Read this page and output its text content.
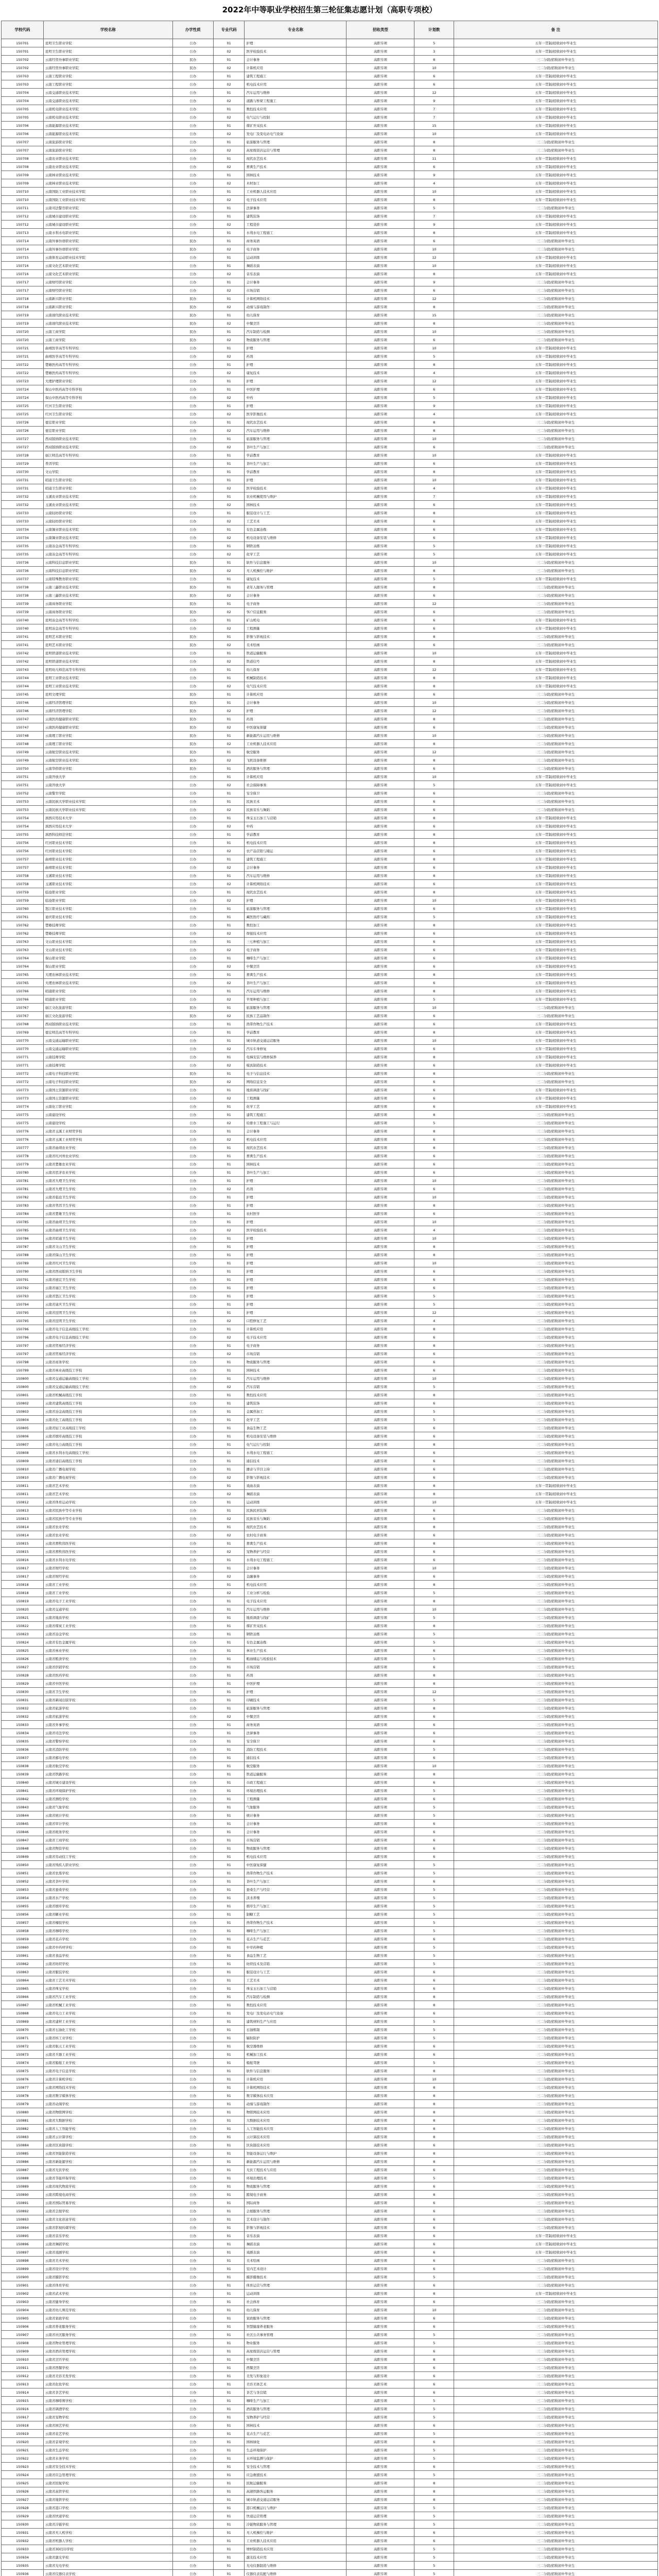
2022年中等职业学校招生第三轮征集志愿计划（高职专项校）
学校代码	学校名称	办学性质	专业代码	专业名称	招收类型	计划数	备 注
150701	昆明卫生职业学院	公办	01	护理	高职专项	5	五年一贯制/招收初中毕业生
150701	昆明卫生职业学院	公办	02	医学检验技术	高职专项	3	五年一贯制/招收初中毕业生
150702	云南经贸外事职业学院	民办	01	会计事务	高职专项	8	三二分段/招收初中毕业生
150702	云南经贸外事职业学院	民办	02	计算机应用	高职专项	10	三二分段/招收初中毕业生
150703	云南工程职业学院	公办	01	建筑工程施工	高职专项	6	五年一贯制/招收初中毕业生
150703	云南工程职业学院	公办	02	机电技术应用	高职专项	6	五年一贯制/招收初中毕业生
150704	云南交通职业技术学院	公办	01	汽车运用与维修	高职专项	12	五年一贯制/招收初中毕业生
150704	云南交通职业技术学院	公办	02	道路与桥梁工程施工	高职专项	9	五年一贯制/招收初中毕业生
150705	云南机电职业技术学院	公办	01	数控技术应用	高职专项	7	五年一贯制/招收初中毕业生
150705	云南机电职业技术学院	公办	02	电气运行与控制	高职专项	7	五年一贯制/招收初中毕业生
150706	云南能源职业技术学院	公办	01	煤矿开采技术	高职专项	15	五年一贯制/招收初中毕业生
150706	云南能源职业技术学院	公办	02	发电厂及变电站电气设备	高职专项	10	五年一贯制/招收初中毕业生
150707	云南旅游职业学院	公办	01	旅游服务与管理	高职专项	8	三二分段/招收初中毕业生
150707	云南旅游职业学院	公办	02	高星级饭店运营与管理	高职专项	8	三二分段/招收初中毕业生
150708	云南农业职业技术学院	公办	01	现代农艺技术	高职专项	11	五年一贯制/招收初中毕业生
150708	云南农业职业技术学院	公办	02	畜禽生产技术	高职专项	6	五年一贯制/招收初中毕业生
150709	云南林业职业技术学院	公办	01	园林技术	高职专项	9	五年一贯制/招收初中毕业生
150709	云南林业职业技术学院	公办	02	木材加工	高职专项	4	五年一贯制/招收初中毕业生
150710	云南国防工业职业技术学院	公办	01	工业机器人技术应用	高职专项	10	五年一贯制/招收初中毕业生
150710	云南国防工业职业技术学院	公办	02	电子技术应用	高职专项	8	五年一贯制/招收初中毕业生
150711	云南司法警官职业学院	公办	01	法律事务	高职专项	5	三二分段/招收初中毕业生
150712	云南城市建设职业学院	公办	01	建筑装饰	高职专项	7	五年一贯制/招收初中毕业生
150712	云南城市建设职业学院	公办	02	工程造价	高职专项	9	五年一贯制/招收初中毕业生
150713	云南水利水电职业学院	公办	01	水利水电工程施工	高职专项	8	五年一贯制/招收初中毕业生
150714	云南外事外语职业学院	民办	01	商务英语	高职专项	6	三二分段/招收初中毕业生
150714	云南外事外语职业学院	民办	02	电子商务	高职专项	10	三二分段/招收初中毕业生
150715	云南体育运动职业技术学院	公办	01	运动训练	高职专项	12	五年一贯制/招收初中毕业生
150716	云南文化艺术职业学院	公办	01	舞蹈表演	高职专项	10	五年一贯制/招收初中毕业生
150716	云南文化艺术职业学院	公办	02	音乐表演	高职专项	8	五年一贯制/招收初中毕业生
150717	云南财经职业学院	公办	01	会计事务	高职专项	9	三二分段/招收初中毕业生
150717	云南财经职业学院	公办	02	市场营销	高职专项	6	三二分段/招收初中毕业生
150718	云南新兴职业学院	民办	01	计算机网络技术	高职专项	12	三二分段/招收初中毕业生
150718	云南新兴职业学院	民办	02	动漫与游戏制作	高职专项	8	三二分段/招收初中毕业生
150719	云南现代职业技术学院	民办	01	幼儿保育	高职专项	15	三二分段/招收初中毕业生
150719	云南现代职业技术学院	民办	02	中餐烹饪	高职专项	8	三二分段/招收初中毕业生
150720	云南工商学院	民办	01	汽车制造与检测	高职专项	10	三二分段/招收初中毕业生
150720	云南工商学院	民办	02	物流服务与管理	高职专项	6	三二分段/招收初中毕业生
150721	曲靖医学高等专科学校	公办	01	护理	高职专项	10	五年一贯制/招收初中毕业生
150721	曲靖医学高等专科学校	公办	02	药剂	高职专项	5	五年一贯制/招收初中毕业生
150722	楚雄医药高等专科学校	公办	01	护理	高职专项	8	五年一贯制/招收初中毕业生
150722	楚雄医药高等专科学校	公办	02	康复技术	高职专项	4	五年一贯制/招收初中毕业生
150723	大理护理职业学院	公办	01	护理	高职专项	12	五年一贯制/招收初中毕业生
150724	保山中医药高等专科学校	公办	01	中医护理	高职专项	6	五年一贯制/招收初中毕业生
150724	保山中医药高等专科学校	公办	02	中药	高职专项	5	五年一贯制/招收初中毕业生
150725	红河卫生职业学院	公办	01	护理	高职专项	9	五年一贯制/招收初中毕业生
150725	红河卫生职业学院	公办	02	医学影像技术	高职专项	4	五年一贯制/招收初中毕业生
150726	德宏职业学院	公办	01	现代农艺技术	高职专项	8	三二分段/招收初中毕业生
150726	德宏职业学院	公办	02	汽车运用与维修	高职专项	8	三二分段/招收初中毕业生
150727	西双版纳职业技术学院	公办	01	旅游服务与管理	高职专项	10	三二分段/招收初中毕业生
150727	西双版纳职业技术学院	公办	02	茶叶生产与加工	高职专项	6	三二分段/招收初中毕业生
150728	丽江师范高等专科学校	公办	01	学前教育	高职专项	10	五年一贯制/招收初中毕业生
150729	普洱学院	公办	01	茶叶生产与加工	高职专项	6	五年一贯制/招收初中毕业生
150730	文山学院	公办	01	学前教育	高职专项	8	五年一贯制/招收初中毕业生
150731	昭通卫生职业学院	公办	01	护理	高职专项	10	五年一贯制/招收初中毕业生
150731	昭通卫生职业学院	公办	02	医学检验技术	高职专项	4	五年一贯制/招收初中毕业生
150732	玉溪农业职业技术学院	公办	01	农业机械使用与维护	高职专项	7	五年一贯制/招收初中毕业生
150732	玉溪农业职业技术学院	公办	02	园林技术	高职专项	6	五年一贯制/招收初中毕业生
150733	云南轻纺职业学院	公办	01	服装设计与工艺	高职专项	8	五年一贯制/招收初中毕业生
150733	云南轻纺职业学院	公办	02	工艺美术	高职专项	6	五年一贯制/招收初中毕业生
150734	云南锡业职业技术学院	公办	01	有色金属冶炼	高职专项	6	五年一贯制/招收初中毕业生
150734	云南锡业职业技术学院	公办	02	机电设备安装与维修	高职专项	6	五年一贯制/招收初中毕业生
150735	云南冶金高等专科学校	公办	01	钢铁冶炼	高职专项	5	五年一贯制/招收初中毕业生
150735	云南冶金高等专科学校	公办	02	化学工艺	高职专项	5	五年一贯制/招收初中毕业生
150736	云南科技信息职业学院	民办	01	软件与信息服务	高职专项	10	三二分段/招收初中毕业生
150736	云南科技信息职业学院	民办	02	无人机操控与维护	高职专项	8	三二分段/招收初中毕业生
150737	云南特殊教育职业学院	公办	01	康复技术	高职专项	5	五年一贯制/招收初中毕业生
150738	云南三鑫职业技术学院	民办	01	老年人服务与管理	高职专项	8	三二分段/招收初中毕业生
150738	云南三鑫职业技术学院	民办	02	会计事务	高职专项	6	三二分段/招收初中毕业生
150739	云南商务职业学院	民办	01	电子商务	高职专项	12	三二分段/招收初中毕业生
150739	云南商务职业学院	民办	02	客户信息服务	高职专项	6	三二分段/招收初中毕业生
150740	昆明冶金高等专科学校	公办	01	矿山机电	高职专项	6	五年一贯制/招收初中毕业生
150740	昆明冶金高等专科学校	公办	02	工程测量	高职专项	6	五年一贯制/招收初中毕业生
150741	昆明艺术职业学院	民办	01	影像与影视技术	高职专项	8	三二分段/招收初中毕业生
150741	昆明艺术职业学院	民办	02	美术绘画	高职专项	6	三二分段/招收初中毕业生
150742	昆明铁道职业技术学院	公办	01	铁道运输服务	高职专项	10	五年一贯制/招收初中毕业生
150742	昆明铁道职业技术学院	公办	02	铁道信号	高职专项	8	五年一贯制/招收初中毕业生
150743	昆明幼儿师范高等专科学校	公办	01	幼儿保育	高职专项	12	五年一贯制/招收初中毕业生
150744	昆明工业职业技术学院	公办	01	机械制造技术	高职专项	8	五年一贯制/招收初中毕业生
150744	昆明工业职业技术学院	公办	02	电气技术应用	高职专项	8	五年一贯制/招收初中毕业生
150745	昆明文理学院	民办	01	计算机应用	高职专项	6	三二分段/招收初中毕业生
150746	云南经济管理学院	民办	01	会计事务	高职专项	10	三二分段/招收初中毕业生
150746	云南经济管理学院	民办	02	护理	高职专项	12	三二分段/招收初中毕业生
150747	云南医药健康职业学院	民办	01	药剂	高职专项	8	三二分段/招收初中毕业生
150747	云南医药健康职业学院	民办	02	中医康复保健	高职专项	6	三二分段/招收初中毕业生
150748	云南理工职业学院	民办	01	新能源汽车运用与维修	高职专项	10	三二分段/招收初中毕业生
150748	云南理工职业学院	民办	02	工业机器人技术应用	高职专项	8	三二分段/招收初中毕业生
150749	云南航空职业技术学院	民办	01	航空服务	高职专项	12	三二分段/招收初中毕业生
150749	云南航空职业技术学院	民办	02	飞机设备维修	高职专项	8	三二分段/招收初中毕业生
150750	云南华侨职业学院	民办	01	酒店服务与管理	高职专项	6	三二分段/招收初中毕业生
150751	云南开放大学	公办	01	计算机应用	高职专项	10	五年一贯制/招收初中毕业生
150751	云南开放大学	公办	02	社会保障事务	高职专项	5	五年一贯制/招收初中毕业生
150752	云南警官学院	公办	01	安全保卫	高职专项	6	三二分段/招收初中毕业生
150753	云南民族大学职业技术学院	公办	01	民族美术	高职专项	6	三二分段/招收初中毕业生
150753	云南民族大学职业技术学院	公办	02	民族音乐与舞蹈	高职专项	6	三二分段/招收初中毕业生
150754	滇西应用技术大学	公办	01	珠宝玉石加工与营销	高职专项	8	五年一贯制/招收初中毕业生
150754	滇西应用技术大学	公办	02	中药	高职专项	6	五年一贯制/招收初中毕业生
150755	滇西科技师范学院	公办	01	学前教育	高职专项	8	五年一贯制/招收初中毕业生
150756	红河职业技术学院	公办	01	机电技术应用	高职专项	8	五年一贯制/招收初中毕业生
150756	红河职业技术学院	公办	02	农产品营销与储运	高职专项	6	五年一贯制/招收初中毕业生
150757	曲靖职业技术学院	公办	01	建筑工程施工	高职专项	8	五年一贯制/招收初中毕业生
150757	曲靖职业技术学院	公办	02	会计事务	高职专项	6	五年一贯制/招收初中毕业生
150758	玉溪职业技术学院	公办	01	汽车运用与维修	高职专项	8	五年一贯制/招收初中毕业生
150758	玉溪职业技术学院	公办	02	计算机网络技术	高职专项	6	五年一贯制/招收初中毕业生
150759	临沧职业学院	公办	01	现代农艺技术	高职专项	8	五年一贯制/招收初中毕业生
150759	临沧职业学院	公办	02	护理	高职专项	10	五年一贯制/招收初中毕业生
150760	怒江职业技术学院	公办	01	旅游服务与管理	高职专项	6	五年一贯制/招收初中毕业生
150761	迪庆职业技术学院	公办	01	藏医医疗与藏药	高职专项	5	五年一贯制/招收初中毕业生
150762	楚雄技师学院	公办	01	数控加工	高职专项	8	五年一贯制/招收初中毕业生
150762	楚雄技师学院	公办	02	焊接技术应用	高职专项	6	五年一贯制/招收初中毕业生
150763	文山职业技术学院	公办	01	三七种植与加工	高职专项	6	五年一贯制/招收初中毕业生
150763	文山职业技术学院	公办	02	电子商务	高职专项	6	五年一贯制/招收初中毕业生
150764	保山职业学院	公办	01	咖啡生产与加工	高职专项	6	五年一贯制/招收初中毕业生
150764	保山职业学院	公办	02	中餐烹饪	高职专项	6	五年一贯制/招收初中毕业生
150765	大理农林职业技术学院	公办	01	畜禽生产技术	高职专项	8	五年一贯制/招收初中毕业生
150765	大理农林职业技术学院	公办	02	茶叶生产与加工	高职专项	6	五年一贯制/招收初中毕业生
150766	昭通职业学院	公办	01	汽车运用与维修	高职专项	8	五年一贯制/招收初中毕业生
150766	昭通职业学院	公办	02	苹果种植与加工	高职专项	5	五年一贯制/招收初中毕业生
150767	丽江文化旅游学院	民办	01	旅游服务与管理	高职专项	10	三二分段/招收初中毕业生
150767	丽江文化旅游学院	民办	02	民族工艺品制作	高职专项	6	三二分段/招收初中毕业生
150768	西双版纳职业技术学院	公办	01	热带作物生产技术	高职专项	6	五年一贯制/招收初中毕业生
150769	德宏师范高等专科学校	公办	01	学前教育	高职专项	8	五年一贯制/招收初中毕业生
150770	云南交通运输职业学院	公办	01	城市轨道交通运营服务	高职专项	10	五年一贯制/招收初中毕业生
150770	云南交通运输职业学院	公办	02	汽车车身修复	高职专项	6	五年一贯制/招收初中毕业生
150771	云南技师学院	公办	01	电梯安装与维修保养	高职专项	8	五年一贯制/招收初中毕业生
150771	云南技师学院	公办	02	模具制造技术	高职专项	6	五年一贯制/招收初中毕业生
150772	云南电子科技职业学院	民办	01	电子与信息技术	高职专项	8	三二分段/招收初中毕业生
150772	云南电子科技职业学院	民办	02	网络信息安全	高职专项	6	三二分段/招收初中毕业生
150773	云南国土资源职业学院	公办	01	地质调查与找矿	高职专项	6	五年一贯制/招收初中毕业生
150773	云南国土资源职业学院	公办	02	工程测量	高职专项	6	五年一贯制/招收初中毕业生
150774	云南化工职业学院	公办	01	化学工艺	高职专项	6	五年一贯制/招收初中毕业生
150775	云南建设学校	公办	01	建筑工程施工	高职专项	8	三二分段/招收初中毕业生
150775	云南建设学校	公办	02	给排水工程施工与运行	高职专项	5	三二分段/招收初中毕业生
150776	云南省玉溪工业财贸学校	公办	01	会计事务	高职专项	8	三二分段/招收初中毕业生
150776	云南省玉溪工业财贸学校	公办	02	机电技术应用	高职专项	6	三二分段/招收初中毕业生
150777	云南省曲靖农业学校	公办	01	现代农艺技术	高职专项	8	三二分段/招收初中毕业生
150778	云南省红河州农业学校	公办	01	畜禽生产技术	高职专项	6	三二分段/招收初中毕业生
150779	云南省楚雄农业学校	公办	01	园林技术	高职专项	6	三二分段/招收初中毕业生
150780	云南省思茅农业学校	公办	01	茶叶生产与加工	高职专项	6	三二分段/招收初中毕业生
150781	云南省大理卫生学校	公办	01	护理	高职专项	10	三二分段/招收初中毕业生
150781	云南省大理卫生学校	公办	02	药剂	高职专项	6	三二分段/招收初中毕业生
150782	云南省临沧卫生学校	公办	01	护理	高职专项	10	三二分段/招收初中毕业生
150783	云南省普洱卫生学校	公办	01	护理	高职专项	8	三二分段/招收初中毕业生
150784	云南省楚雄卫生学校	公办	01	农村医学	高职专项	6	三二分段/招收初中毕业生
150785	云南省曲靖卫生学校	公办	01	护理	高职专项	10	三二分段/招收初中毕业生
150785	云南省曲靖卫生学校	公办	02	医学检验技术	高职专项	4	三二分段/招收初中毕业生
150786	云南省昭通卫生学校	公办	01	护理	高职专项	10	三二分段/招收初中毕业生
150787	云南省文山卫生学校	公办	01	护理	高职专项	8	三二分段/招收初中毕业生
150788	云南省保山卫生学校	公办	01	护理	高职专项	8	三二分段/招收初中毕业生
150789	云南省红河卫生学校	公办	01	护理	高职专项	10	三二分段/招收初中毕业生
150790	云南省西双版纳卫生学校	公办	01	护理	高职专项	6	三二分段/招收初中毕业生
150791	云南省德宏卫生学校	公办	01	护理	高职专项	6	三二分段/招收初中毕业生
150792	云南省丽江卫生学校	公办	01	护理	高职专项	6	三二分段/招收初中毕业生
150793	云南省怒江卫生学校	公办	01	护理	高职专项	5	三二分段/招收初中毕业生
150794	云南省迪庆卫生学校	公办	01	护理	高职专项	5	三二分段/招收初中毕业生
150795	云南省昆明卫生学校	公办	01	护理	高职专项	12	三二分段/招收初中毕业生
150795	云南省昆明卫生学校	公办	02	口腔修复工艺	高职专项	4	三二分段/招收初中毕业生
150796	云南省电子信息高级技工学校	公办	01	计算机应用	高职专项	8	三二分段/招收初中毕业生
150796	云南省电子信息高级技工学校	公办	02	电子技术应用	高职专项	6	三二分段/招收初中毕业生
150797	云南省贸易经济学校	公办	01	电子商务	高职专项	8	三二分段/招收初中毕业生
150797	云南省贸易经济学校	公办	02	市场营销	高职专项	6	三二分段/招收初中毕业生
150798	云南省商务学校	公办	01	物流服务与管理	高职专项	6	三二分段/招收初中毕业生
150799	云南省林业高级技工学校	公办	01	园林技术	高职专项	6	三二分段/招收初中毕业生
150800	云南省交通运输高级技工学校	公办	01	汽车运用与维修	高职专项	10	三二分段/招收初中毕业生
150800	云南省交通运输高级技工学校	公办	02	汽车营销	高职专项	5	三二分段/招收初中毕业生
150801	云南省机械高级技工学校	公办	01	数控技术应用	高职专项	8	三二分段/招收初中毕业生
150802	云南省建筑高级技工学校	公办	01	建筑装饰	高职专项	6	三二分段/招收初中毕业生
150803	云南省冶金高级技工学校	公办	01	金属热加工	高职专项	5	三二分段/招收初中毕业生
150804	云南省化工高级技工学校	公办	01	化学工艺	高职专项	5	三二分段/招收初中毕业生
150805	云南省轻工业高级技工学校	公办	01	食品生物工艺	高职专项	6	三二分段/招收初中毕业生
150806	云南省烟草高级技工学校	公办	01	机电设备安装与维修	高职专项	6	三二分段/招收初中毕业生
150807	云南省电力高级技工学校	公办	01	电气运行与控制	高职专项	8	三二分段/招收初中毕业生
150808	云南省水利水电高级技工学校	公办	01	水利水电工程施工	高职专项	6	三二分段/招收初中毕业生
150809	云南省通信高级技工学校	公办	01	通信技术	高职专项	6	三二分段/招收初中毕业生
150810	云南省广播电视学校	公办	01	播音与节目主持	高职专项	6	三二分段/招收初中毕业生
150810	云南省广播电视学校	公办	02	影像与影视技术	高职专项	6	三二分段/招收初中毕业生
150811	云南省艺术学校	公办	01	戏曲表演	高职专项	8	五年一贯制/招收初中毕业生
150811	云南省艺术学校	公办	02	舞蹈表演	高职专项	8	五年一贯制/招收初中毕业生
150812	云南省体育运动学校	公办	01	运动训练	高职专项	10	五年一贯制/招收初中毕业生
150813	云南省民族中等专业学校	公办	01	民族民居装饰	高职专项	6	三二分段/招收初中毕业生
150813	云南省民族中等专业学校	公办	02	民族音乐与舞蹈	高职专项	6	三二分段/招收初中毕业生
150814	云南省农业学校	公办	01	现代农艺技术	高职专项	8	三二分段/招收初中毕业生
150814	云南省农业学校	公办	02	农村电子商务	高职专项	6	三二分段/招收初中毕业生
150815	云南省畜牧兽医学校	公办	01	畜禽生产技术	高职专项	8	三二分段/招收初中毕业生
150815	云南省畜牧兽医学校	公办	02	宠物养护与经营	高职专项	6	三二分段/招收初中毕业生
150816	云南省水利水电学校	公办	01	水利水电工程施工	高职专项	6	三二分段/招收初中毕业生
150817	云南省财经学校	公办	01	会计事务	高职专项	10	三二分段/招收初中毕业生
150817	云南省财经学校	公办	02	金融事务	高职专项	6	三二分段/招收初中毕业生
150818	云南省工业学校	公办	01	机电技术应用	高职专项	8	三二分段/招收初中毕业生
150818	云南省工业学校	公办	02	工业分析与检验	高职专项	5	三二分段/招收初中毕业生
150819	云南省电子工业学校	公办	01	电子技术应用	高职专项	8	三二分段/招收初中毕业生
150820	云南省交通学校	公办	01	汽车运用与维修	高职专项	10	三二分段/招收初中毕业生
150821	云南省地质学校	公办	01	地质调查与找矿	高职专项	5	三二分段/招收初中毕业生
150822	云南省煤炭工业学校	公办	01	煤矿开采技术	高职专项	8	三二分段/招收初中毕业生
150823	云南省冶金学校	公办	01	钢铁冶炼	高职专项	5	三二分段/招收初中毕业生
150824	云南省有色金属学校	公办	01	有色金属冶炼	高职专项	5	三二分段/招收初中毕业生
150825	云南省林业学校	公办	01	林业生产技术	高职专项	6	三二分段/招收初中毕业生
150826	云南省粮食学校	公办	01	粮油储运与检验技术	高职专项	5	三二分段/招收初中毕业生
150827	云南省供销学校	公办	01	市场营销	高职专项	6	三二分段/招收初中毕业生
150828	云南省医药学校	公办	01	药剂	高职专项	8	三二分段/招收初中毕业生
150829	云南省中医学校	公办	01	中医护理	高职专项	8	三二分段/招收初中毕业生
150830	云南省卫生学校	公办	01	护理	高职专项	12	三二分段/招收初中毕业生
150831	云南省新闻出版学校	公办	01	印刷技术	高职专项	5	三二分段/招收初中毕业生
150832	云南省旅游学校	公办	01	旅游服务与管理	高职专项	8	三二分段/招收初中毕业生
150832	云南省旅游学校	公办	02	中餐烹饪	高职专项	6	三二分段/招收初中毕业生
150833	云南省外事学校	公办	01	商务英语	高职专项	6	三二分段/招收初中毕业生
150834	云南省司法学校	公办	01	法律事务	高职专项	6	三二分段/招收初中毕业生
150835	云南省警察学校	公办	01	安全保卫	高职专项	6	三二分段/招收初中毕业生
150836	云南省消防学校	公办	01	消防工程技术	高职专项	5	三二分段/招收初中毕业生
150837	云南省邮电学校	公办	01	通信技术	高职专项	6	三二分段/招收初中毕业生
150838	云南省航空学校	公办	01	航空服务	高职专项	10	三二分段/招收初中毕业生
150839	云南省铁路学校	公办	01	铁道运输服务	高职专项	8	三二分段/招收初中毕业生
150840	云南省城市建设学校	公办	01	市政工程施工	高职专项	6	三二分段/招收初中毕业生
150841	云南省环境保护学校	公办	01	环境治理技术	高职专项	5	三二分段/招收初中毕业生
150842	云南省测绘学校	公办	01	工程测量	高职专项	6	三二分段/招收初中毕业生
150843	云南省气象学校	公办	01	气象服务	高职专项	5	三二分段/招收初中毕业生
150844	云南省统计学校	公办	01	统计事务	高职专项	5	三二分段/招收初中毕业生
150845	云南省审计学校	公办	01	会计事务	高职专项	6	三二分段/招收初中毕业生
150846	云南省税务学校	公办	01	会计事务	高职专项	6	三二分段/招收初中毕业生
150847	云南省工商学校	公办	01	市场营销	高职专项	6	三二分段/招收初中毕业生
150848	云南省物资学校	公办	01	物流服务与管理	高职专项	6	三二分段/招收初中毕业生
150849	云南省劳动技工学校	公办	01	机电技术应用	高职专项	6	三二分段/招收初中毕业生
150850	云南省残疾人职业学校	公办	01	中医康复保健	高职专项	5	三二分段/招收初中毕业生
150851	云南省农垦学校	公办	01	热带作物生产技术	高职专项	5	三二分段/招收初中毕业生
150852	云南省茶叶学校	公办	01	茶叶生产与加工	高职专项	6	三二分段/招收初中毕业生
150853	云南省蚕桑学校	公办	01	蚕桑生产与经营	高职专项	5	三二分段/招收初中毕业生
150854	云南省水产学校	公办	01	淡水养殖	高职专项	5	三二分段/招收初中毕业生
150855	云南省烟草学校	公办	01	烟草生产与加工	高职专项	5	三二分段/招收初中毕业生
150856	云南省糖业学校	公办	01	制糖工艺	高职专项	5	三二分段/招收初中毕业生
150857	云南省橡胶学校	公办	01	热带作物生产技术	高职专项	5	三二分段/招收初中毕业生
150858	云南省咖啡学校	公办	01	咖啡生产与加工	高职专项	5	三二分段/招收初中毕业生
150859	云南省花卉学校	公办	01	花卉生产与花艺	高职专项	6	三二分段/招收初中毕业生
150860	云南省中药材学校	公办	01	中草药种植	高职专项	5	三二分段/招收初中毕业生
150861	云南省食品学校	公办	01	食品生物工艺	高职专项	5	三二分段/招收初中毕业生
150862	云南省纺织学校	公办	01	纺织技术及营销	高职专项	5	三二分段/招收初中毕业生
150863	云南省服装学校	公办	01	服装设计与工艺	高职专项	6	三二分段/招收初中毕业生
150864	云南省工艺美术学校	公办	01	工艺美术	高职专项	6	三二分段/招收初中毕业生
150865	云南省珠宝学校	公办	01	珠宝玉石加工与营销	高职专项	6	三二分段/招收初中毕业生
150866	云南省汽车工业学校	公办	01	汽车制造与检测	高职专项	8	三二分段/招收初中毕业生
150867	云南省机械工业学校	公办	01	数控技术应用	高职专项	8	三二分段/招收初中毕业生
150868	云南省电力工业学校	公办	01	发电厂及变电站电气设备	高职专项	6	三二分段/招收初中毕业生
150869	云南省建材工业学校	公办	01	建筑材料生产与应用	高职专项	5	三二分段/招收初中毕业生
150870	云南省石油化工学校	公办	01	石油炼制	高职专项	5	三二分段/招收初中毕业生
150871	云南省核工业学校	公办	01	辐射防护	高职专项	5	三二分段/招收初中毕业生
150872	云南省航天工业学校	公办	01	航空器维修	高职专项	6	三二分段/招收初中毕业生
150873	云南省兵器工业学校	公办	01	机械加工技术	高职专项	6	三二分段/招收初中毕业生
150874	云南省船舶工业学校	公办	01	船舶驾驶	高职专项	5	三二分段/招收初中毕业生
150875	云南省电子信息学校	公办	01	软件与信息服务	高职专项	8	三二分段/招收初中毕业生
150876	云南省计算机学校	公办	01	计算机应用	高职专项	10	三二分段/招收初中毕业生
150877	云南省网络技术学校	公办	01	计算机网络技术	高职专项	8	三二分段/招收初中毕业生
150878	云南省数字媒体学校	公办	01	数字媒体技术应用	高职专项	8	三二分段/招收初中毕业生
150879	云南省动漫学校	公办	01	动漫与游戏制作	高职专项	8	三二分段/招收初中毕业生
150880	云南省物联网学校	公办	01	物联网技术应用	高职专项	8	三二分段/招收初中毕业生
150881	云南省大数据学校	公办	01	大数据技术应用	高职专项	8	三二分段/招收初中毕业生
150882	云南省人工智能学校	公办	01	人工智能技术应用	高职专项	8	三二分段/招收初中毕业生
150883	云南省云计算学校	公办	01	云计算技术应用	高职专项	8	三二分段/招收初中毕业生
150884	云南省区块链学校	公办	01	区块链技术应用	高职专项	6	三二分段/招收初中毕业生
150885	云南省智能制造学校	公办	01	智能设备运行与维护	高职专项	8	三二分段/招收初中毕业生
150886	云南省新能源学校	公办	01	新能源汽车运用与维修	高职专项	8	三二分段/招收初中毕业生
150887	云南省光伏学校	公办	01	光伏工程技术与应用	高职专项	6	三二分段/招收初中毕业生
150888	云南省节能环保学校	公办	01	环境治理技术	高职专项	5	三二分段/招收初中毕业生
150889	云南省现代物流学校	公办	01	物流服务与管理	高职专项	6	三二分段/招收初中毕业生
150890	云南省跨境电商学校	公办	01	跨境电子商务	高职专项	8	三二分段/招收初中毕业生
150891	云南省国际贸易学校	公办	01	国际商务	高职专项	6	三二分段/招收初中毕业生
150892	云南省会展学校	公办	01	会展服务与管理	高职专项	6	三二分段/招收初中毕业生
150893	云南省文化创意学校	公办	01	艺术设计与制作	高职专项	6	三二分段/招收初中毕业生
150894	云南省影视传媒学校	公办	01	影像与影视技术	高职专项	6	三二分段/招收初中毕业生
150895	云南省音乐学校	公办	01	音乐表演	高职专项	6	五年一贯制/招收初中毕业生
150896	云南省舞蹈学校	公办	01	舞蹈表演	高职专项	6	五年一贯制/招收初中毕业生
150897	云南省戏剧学校	公办	01	戏剧表演	高职专项	6	五年一贯制/招收初中毕业生
150898	云南省美术学校	公办	01	美术绘画	高职专项	6	三二分段/招收初中毕业生
150899	云南省设计学校	公办	01	室内艺术设计	高职专项	6	三二分段/招收初中毕业生
150900	云南省摄影学校	公办	01	摄影摄像技术	高职专项	5	三二分段/招收初中毕业生
150901	云南省体育学校	公办	01	体育运营与管理	高职专项	6	三二分段/招收初中毕业生
150902	云南省武术学校	公办	01	运动训练	高职专项	8	五年一贯制/招收初中毕业生
150903	云南省健身学校	公办	01	社会体育	高职专项	6	三二分段/招收初中毕业生
150904	云南省幼儿师范学校	公办	01	幼儿保育	高职专项	10	三二分段/招收初中毕业生
150905	云南省家政学校	公办	01	家政服务与管理	高职专项	6	三二分段/招收初中毕业生
150906	云南省养老服务学校	公办	01	智慧健康养老服务	高职专项	6	三二分段/招收初中毕业生
150907	云南省社区服务学校	公办	01	社区公共事务管理	高职专项	5	三二分段/招收初中毕业生
150908	云南省物业管理学校	公办	01	物业服务	高职专项	5	三二分段/招收初中毕业生
150909	云南省酒店管理学校	公办	01	高星级饭店运营与管理	高职专项	6	三二分段/招收初中毕业生
150910	云南省烹饪学校	公办	01	中餐烹饪	高职专项	8	三二分段/招收初中毕业生
150911	云南省西餐学校	公办	01	西餐烹饪	高职专项	6	三二分段/招收初中毕业生
150912	云南省美容美发学校	公办	01	美发与形象设计	高职专项	6	三二分段/招收初中毕业生
150913	云南省化妆学校	公办	01	美容美体艺术	高职专项	6	三二分段/招收初中毕业生
150914	云南省茶艺学校	公办	01	茶艺与茶营销	高职专项	6	三二分段/招收初中毕业生
150915	云南省咖啡师学校	公办	01	咖啡生产与加工	高职专项	5	三二分段/招收初中毕业生
150916	云南省调酒学校	公办	01	酒店服务与管理	高职专项	5	三二分段/招收初中毕业生
150917	云南省宠物学校	公办	01	宠物养护与经营	高职专项	5	三二分段/招收初中毕业生
150918	云南省园艺学校	公办	01	园林技术	高职专项	6	三二分段/招收初中毕业生
150919	云南省花艺学校	公办	01	花卉生产与花艺	高职专项	5	三二分段/招收初中毕业生
150920	云南省景观学校	公办	01	园林绿化	高职专项	6	三二分段/招收初中毕业生
150921	云南省生态学校	公办	01	生态环境保护	高职专项	5	三二分段/招收初中毕业生
150922	云南省水务学校	公办	01	水环境监测与保护	高职专项	5	三二分段/招收初中毕业生
150923	云南省安全技术学校	公办	01	安全技术与管理	高职专项	6	三二分段/招收初中毕业生
150924	云南省应急管理学校	公办	01	应急救援技术	高职专项	5	三二分段/招收初中毕业生
150925	云南省民航学校	公办	01	民航运输服务	高职专项	8	三二分段/招收初中毕业生
150926	云南省高铁学校	公办	01	高速铁路客运服务	高职专项	8	三二分段/招收初中毕业生
150927	云南省地铁学校	公办	01	城市轨道交通运营服务	高职专项	8	三二分段/招收初中毕业生
150928	云南省港口学校	公办	01	港口机械运行与维护	高职专项	5	三二分段/招收初中毕业生
150929	云南省快递学校	公办	01	快递运营管理	高职专项	5	三二分段/招收初中毕业生
150930	云南省冷链学校	公办	01	冷链物流服务与管理	高职专项	5	三二分段/招收初中毕业生
150931	云南省无人机学校	公办	01	无人机操控与维护	高职专项	6	三二分段/招收初中毕业生
150932	云南省机器人学校	公办	01	工业机器人技术应用	高职专项	6	三二分段/招收初中毕业生
150933	云南省3D打印学校	公办	01	增材制造技术应用	高职专项	5	三二分段/招收初中毕业生
150934	云南省激光学校	公办	01	激光技术应用	高职专项	5	三二分段/招收初中毕业生
150935	云南省光电学校	公办	01	光电仪器制造与维修	高职专项	5	三二分段/招收初中毕业生
150936	云南省仪器仪表学校	公办	01	仪器仪表装配与维修	高职专项	5	三二分段/招收初中毕业生
